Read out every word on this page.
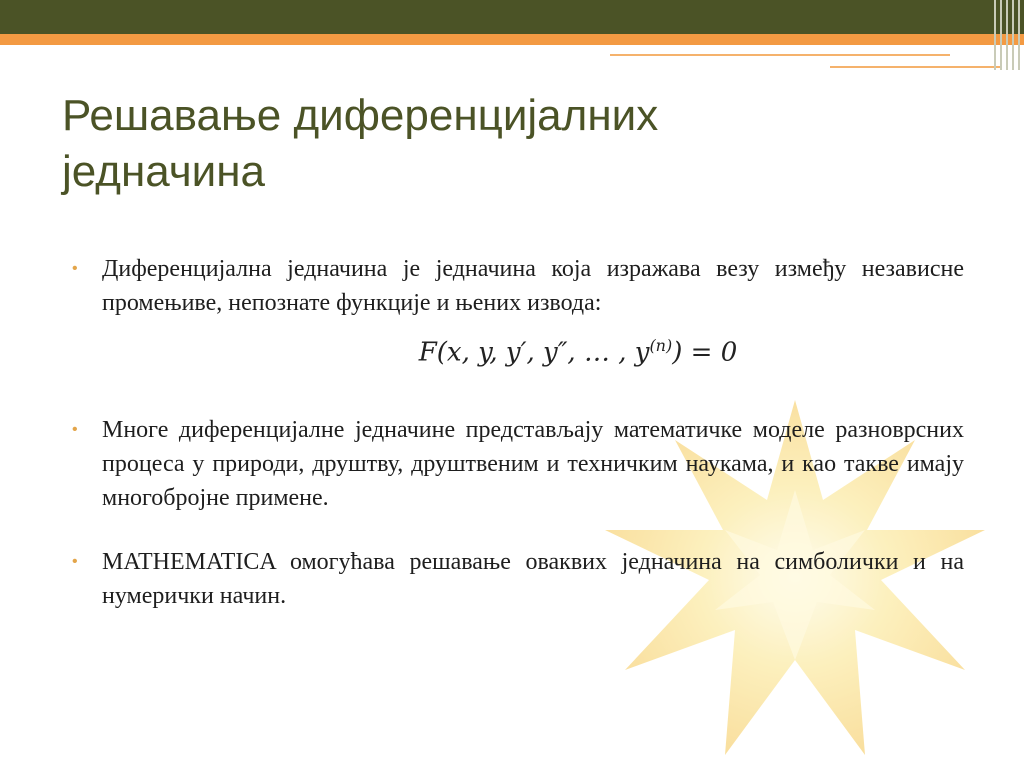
Решавање диференцијалних
једначина
• Диференцијална једначина је једначина која изражава везу између независне промењиве, непознате функције и њених извода:
F(x, y, y′, y″, … , $y^{(n)}) = 0$
• Многе диференцијалне једначине представљају математичке моделе разноврсних процеса у природи, друштву, друштвеним и техничким наукама, и као такве имају многобројне примене.
• MATHEMATICA омогућава решавање оваквих једначина на симболички и на нумерички начин.
